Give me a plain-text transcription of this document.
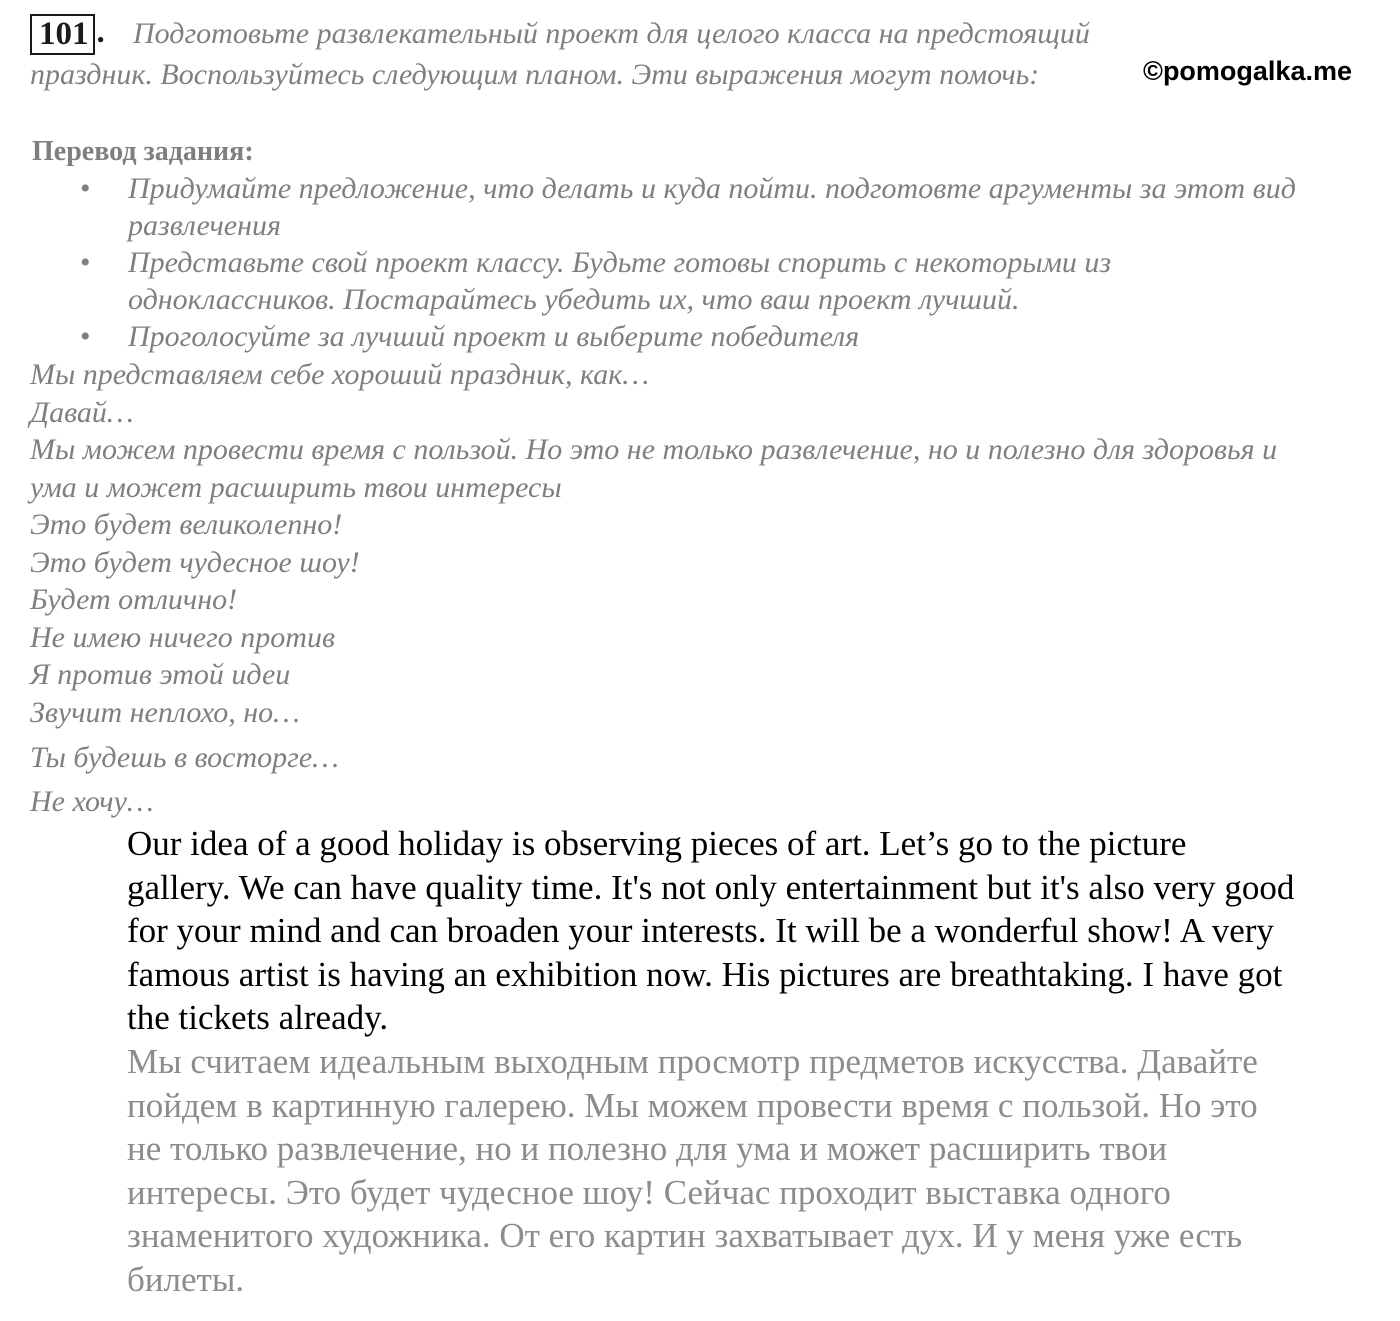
101 . Подготовьте развлекательный проект для целого класса на предстоящий
праздник. Воспользуйтесь следующим планом. Эти выражения могут помочь:	©pomogalka.me
Перевод задания:
• Придумайте предложение, что делать и куда пойти. подготовте аргументы за этот вид развлечения
• Представьте свой проект классу. Будьте готовы спорить с некоторыми из одноклассников. Постарайтесь убедить их, что ваш проект лучший.
• Проголосуйте за лучший проект и выберите победителя
Мы представляем себе хороший праздник, как…
Давай…
Мы можем провести время с пользой. Но это не только развлечение, но и полезно для здоровья и ума и может расширить твои интересы
Это будет великолепно!
Это будет чудесное шоу!
Будет отлично!
Не имею ничего против
Я против этой идеи
Звучит неплохо, но…
Ты будешь в восторге…
Не хочу…
Our idea of a good holiday is observing pieces of art. Let’s go to the picture gallery. We can have quality time. It's not only entertainment but it's also very good for your mind and can broaden your interests. It will be a wonderful show! A very famous artist is having an exhibition now. His pictures are breathtaking. I have got the tickets already.
Мы считаем идеальным выходным просмотр предметов искусства. Давайте пойдем в картинную галерею. Мы можем провести время с пользой. Но это не только развлечение, но и полезно для ума и может расширить твои интересы. Это будет чудесное шоу! Сейчас проходит выставка одного знаменитого художника. От его картин захватывает дух. И у меня уже есть билеты.
